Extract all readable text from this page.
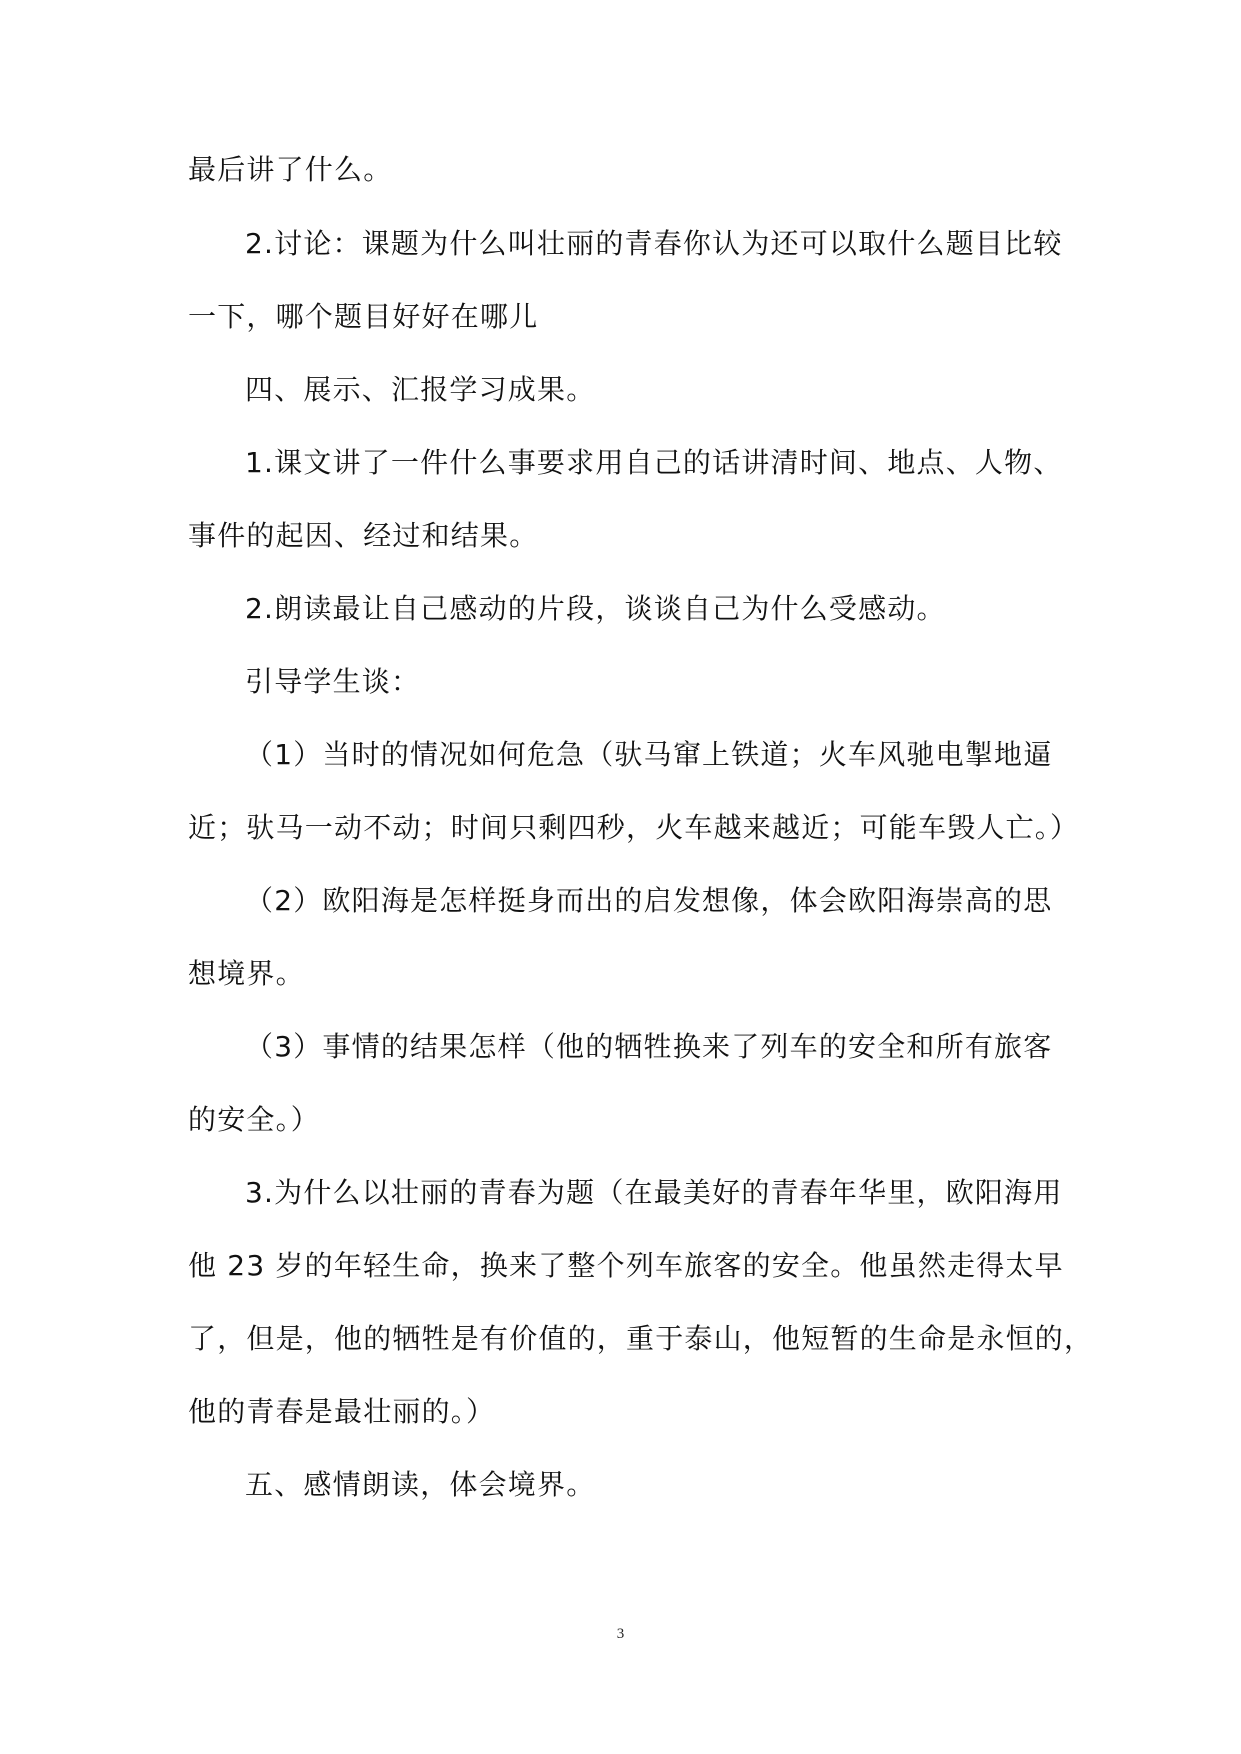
最后讲了什么。
2.讨论：课题为什么叫壮丽的青春你认为还可以取什么题目比较
一下，哪个题目好好在哪儿
四、展示、汇报学习成果。
1.课文讲了一件什么事要求用自己的话讲清时间、地点、人物、
事件的起因、经过和结果。
2.朗读最让自己感动的片段，谈谈自己为什么受感动。
引导学生谈：
（1）当时的情况如何危急（驮马窜上铁道；火车风驰电掣地逼
近；驮马一动不动；时间只剩四秒，火车越来越近；可能车毁人亡。）
（2）欧阳海是怎样挺身而出的启发想像，体会欧阳海崇高的思
想境界。
（3）事情的结果怎样（他的牺牲换来了列车的安全和所有旅客
的安全。）
3.为什么以壮丽的青春为题（在最美好的青春年华里，欧阳海用
他 23 岁的年轻生命，换来了整个列车旅客的安全。他虽然走得太早
了，但是，他的牺牲是有价值的，重于泰山，他短暂的生命是永恒的，
他的青春是最壮丽的。）
五、感情朗读，体会境界。
3
